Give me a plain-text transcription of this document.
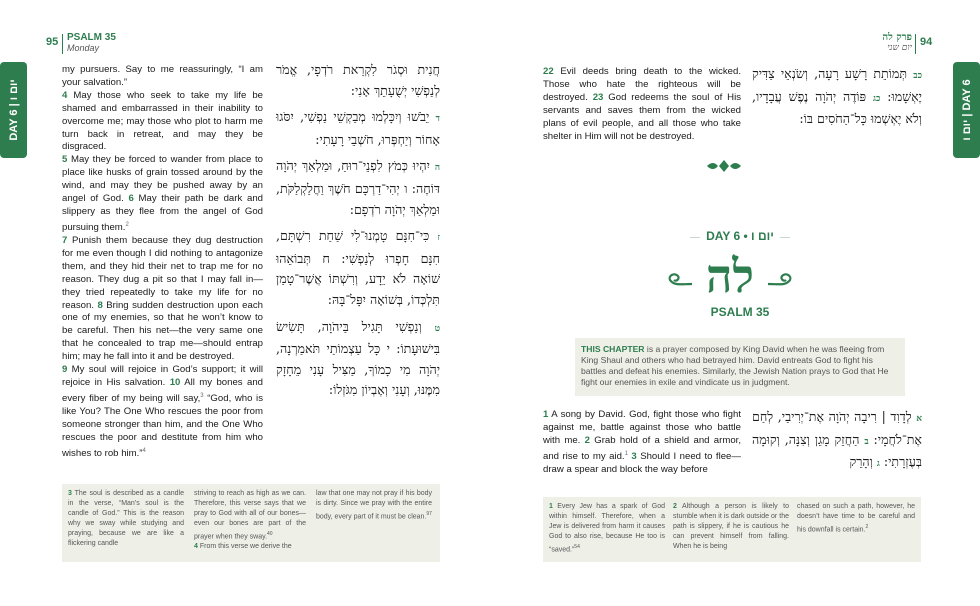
95 PSALM 35
Monday
DAY 6 | יום ו

my pursuers. Say to me reassuringly, “I am your salvation.”

4 May those who seek to take my life be shamed and embarrassed in their inability to overcome me; may those who plot to harm me turn back in retreat, and may they be disgraced.

5 May they be forced to wander from place to place like husks of grain tossed around by the wind, and may they be pushed away by an angel of God. 6 May their path be dark and slippery as they flee from the angel of God pursuing them.$^2$

7 Punish them because they dug destruction for me even though I did nothing to antagonize them, and they hid their net to trap me for no reason. They dug a pit so that I may fall in—they tried repeatedly to take my life for no reason. 8 Bring sudden destruction upon each one of my enemies, so that he won’t know to be careful. Then his net—the very same one that he concealed to trap me—should entrap him; may he fall into it and be destroyed.

9 My soul will rejoice in God’s support; it will rejoice in His salvation. 10 All my bones and every fiber of my being will say,$^3$ “God, who is like You? The One Who rescues the poor from someone stronger than him, and the One Who rescues the poor and destitute from him who wishes to rob him.”$^4$

חֲנִית וּסְגֹר לִקְרַאת רֹדְפָי, אֱמֹר לְנַפְשִׁי יְשֻׁעָתֵךְ אָנִי:

ד יֵבֹשׁוּ וְיִכָּלְמוּ מְבַקְשֵׁי נַפְשִׁי, יִסֹּגוּ אָחוֹר וְיַחְפְּרוּ, חֹשְׁבֵי רָעָתִי:

ה יִהְיוּ כְּמֹץ לִפְנֵי־רוּחַ, וּמַלְאַךְ יְהֹוָה דּוֹחֶה: ו יְהִי־דַרְכָּם חֹשֶׁךְ וַחֲלַקְלַקֹּת, וּמַלְאַךְ יְהֹוָה רֹדְפָם:

ז כִּי־חִנָּם טָמְנוּ־לִי שַׁחַת רִשְׁתָּם, חִנָּם חָפְרוּ לְנַפְשִׁי: ח תְּבוֹאֵהוּ שׁוֹאָה לֹא יֵדָע, וְרִשְׁתּוֹ אֲשֶׁר־טָמַן תִּלְכְּדוֹ, בְּשׁוֹאָה יִפָּל־בָּהּ:

ט וְנַפְשִׁי תָּגִיל בַּיהֹוָה, תָּשִׂישׂ בִּישׁוּעָתוֹ: י כָּל עַצְמוֹתַי תֹּאמַרְנָה, יְהֹוָה מִי כָמוֹךָ, מַצִּיל עָנִי מֵחָזָק מִמֶּנּוּ, וְעָנִי וְאֶבְיוֹן מִגֹּזְלוֹ:

3 The soul is described as a candle in the verse, “Man’s soul is the candle of God.” This is the reason why we sway while studying and praying, because we are like a flickering candle
striving to reach as high as we can. Therefore, this verse says that we pray to God with all of our bones—even our bones are part of the prayer when they sway.$^{40}$
4 From this verse we derive the
law that one may not pray if his body is dirty. Since we pray with the entire body, every part of it must be clean.$^{97}$
94
פרק לה
יום שני
יום ו | DAY 6

22 Evil deeds bring death to the wicked. Those who hate the righteous will be destroyed. 23 God redeems the soul of His servants and saves them from the wicked plans of evil people, and all those who take shelter in Him will not be destroyed.

כב תְּמוֹתֵת רָשָׁע רָעָה, וְשֹׂנְאֵי צַדִּיק יֶאְשָׁמוּ: כג פּוֹדֶה יְהֹוָה נֶפֶשׁ עֲבָדָיו, וְלֹא יֶאְשְׁמוּ כָּל־הַחֹסִים בּוֹ:

DAY 6 • יום ו
לה
PSALM 35
THIS CHAPTER is a prayer composed by King David when he was fleeing from King Shaul and others who had betrayed him. David entreats God to fight his battles and defeat his enemies. Similarly, the Jewish Nation prays to God that He fight our enemies in exile and vindicate us in judgment.

1 A song by David. God, fight those who fight against me, battle against those who battle with me. 2 Grab hold of a shield and armor, and rise to my aid.$^1$ 3 Should I need to flee—draw a spear and block the way before

א לְדָוִד | רִיבָה יְהֹוָה אֶת־יְרִיבַי, לְחַם אֶת־לֹחֲמָי: ב הַחֲזֵק מָגֵן וְצִנָּה, וְקוּמָה בְּעֶזְרָתִי: ג וְהָרֵק

1 Every Jew has a spark of God within himself. Therefore, when a Jew is delivered from harm it causes God to also rise, because He too is “saved.”$^{54}$
2 Although a person is likely to stumble when it is dark outside or the path is slippery, if he is cautious he can prevent himself from falling. When he is being
chased on such a path, however, he doesn’t have time to be careful and his downfall is certain.$^2$
